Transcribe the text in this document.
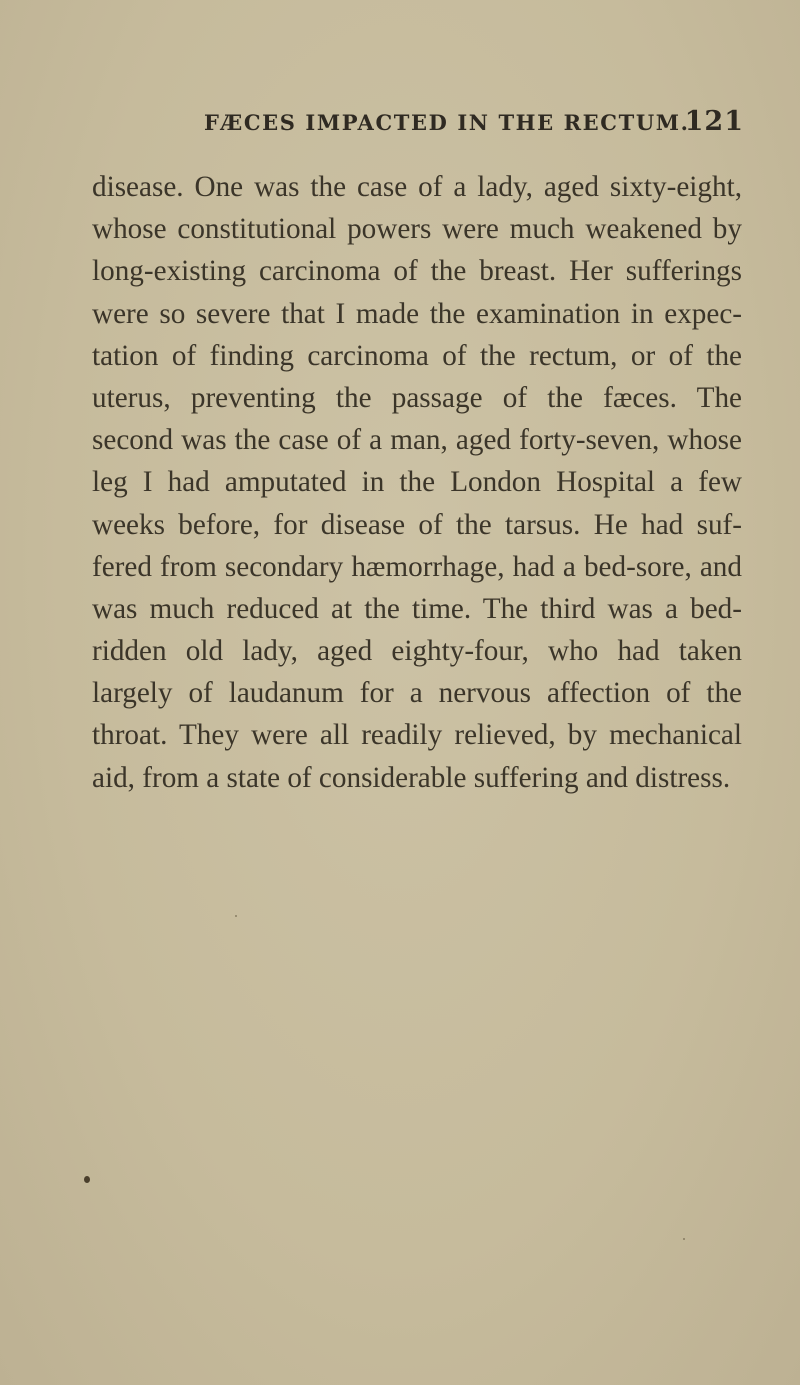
FÆCES IMPACTED IN THE RECTUM.
121
disease. One was the case of a lady, aged sixty-eight,
whose constitutional powers were much weakened by
long-existing carcinoma of the breast. Her sufferings
were so severe that I made the examination in expec-
tation of finding carcinoma of the rectum, or of the
uterus, preventing the passage of the fæces. The
second was the case of a man, aged forty-seven, whose
leg I had amputated in the London Hospital a few
weeks before, for disease of the tarsus. He had suf-
fered from secondary hæmorrhage, had a bed-sore, and
was much reduced at the time. The third was a bed-
ridden old lady, aged eighty-four, who had taken
largely of laudanum for a nervous affection of the
throat. They were all readily relieved, by mechanical
aid, from a state of considerable suffering and distress.
